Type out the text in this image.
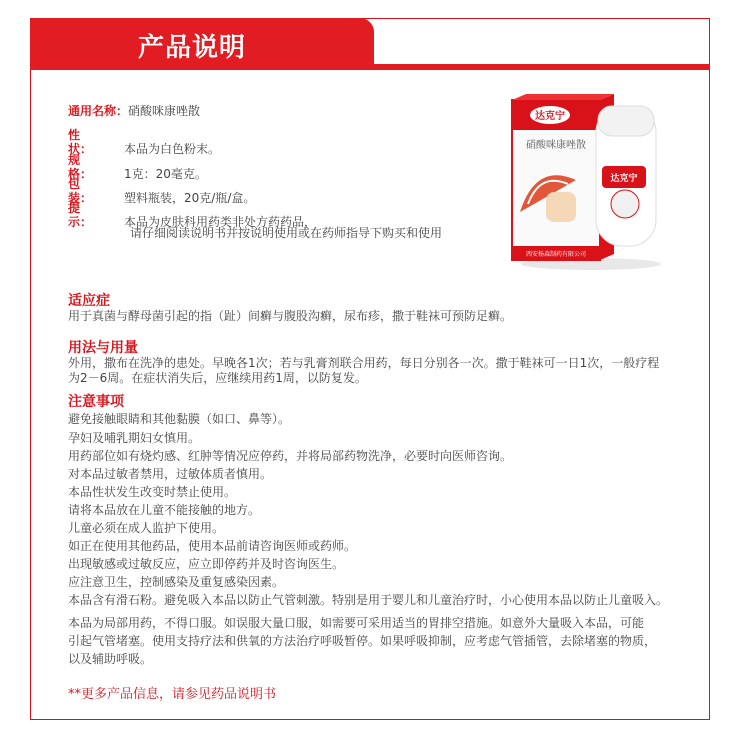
产品说明
通用名称：硝酸咪康唑散
性　　状：	本品为白色粉末。
规　　格：	1克：20毫克。
包　　装：	塑料瓶装，20克/瓶/盒。
提　　示：	本品为皮肤科用药类非处方药药品，
请仔细阅读说明书并按说明使用或在药师指导下购买和使用
达克宁
硝酸咪康唑散
西安杨森制药有限公司
达克宁
适应症
用于真菌与酵母菌引起的指（趾）间癣与腹股沟癣，尿布疹，撒于鞋袜可预防足癣。
用法与用量
外用，撒布在洗净的患处。早晚各1次；若与乳膏剂联合用药，每日分别各一次。撒于鞋袜可一日1次，一般疗程
为2－6周。在症状消失后，应继续用药1周，以防复发。
注意事项
避免接触眼睛和其他黏膜（如口、鼻等）。
孕妇及哺乳期妇女慎用。
用药部位如有烧灼感、红肿等情况应停药，并将局部药物洗净，必要时向医师咨询。
对本品过敏者禁用，过敏体质者慎用。
本品性状发生改变时禁止使用。
请将本品放在儿童不能接触的地方。
儿童必须在成人监护下使用。
如正在使用其他药品，使用本品前请咨询医师或药师。
出现敏感或过敏反应，应立即停药并及时咨询医生。
应注意卫生，控制感染及重复感染因素。
本品含有滑石粉。避免吸入本品以防止气管刺激。特别是用于婴儿和儿童治疗时，小心使用本品以防止儿童吸入。
本品为局部用药，不得口服。如误服大量口服，如需要可采用适当的胃排空措施。如意外大量吸入本品，可能
引起气管堵塞。使用支持疗法和供氧的方法治疗呼吸暂停。如果呼吸抑制，应考虑气管插管，去除堵塞的物质，
以及辅助呼吸。
**更多产品信息，请参见药品说明书
